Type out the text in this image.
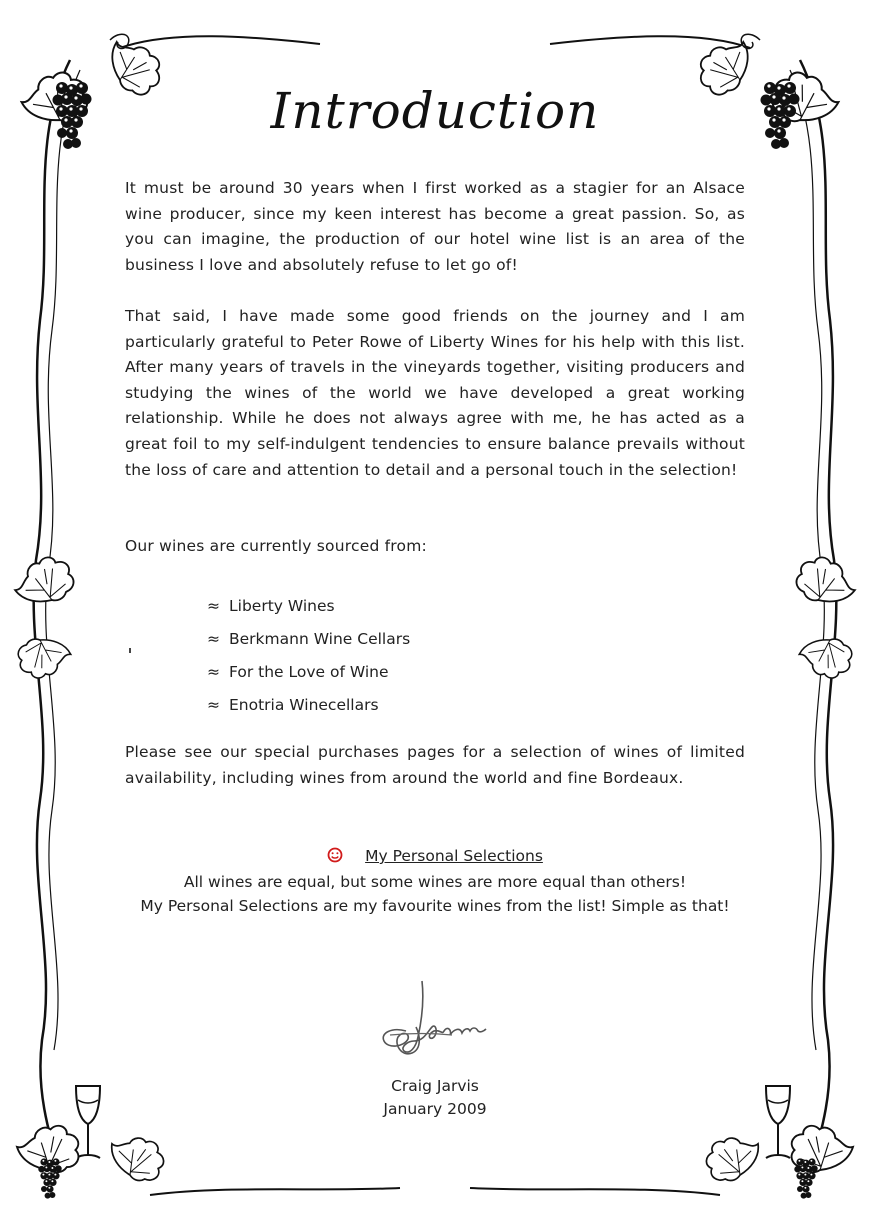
Introduction

It must be around 30 years when I first worked as a stagier for an Alsace wine producer, since my keen interest has become a great passion. So, as you can imagine, the production of our hotel wine list is an area of the business I love and absolutely refuse to let go of!

That said, I have made some good friends on the journey and I am particularly grateful to Peter Rowe of Liberty Wines for his help with this list. After many years of travels in the vineyards together, visiting producers and studying the wines of the world we have developed a great working relationship. While he does not always agree with me, he has acted as a great foil to my self-indulgent tendencies to ensure balance prevails without the loss of care and attention to detail and a personal touch in the selection!

Our wines are currently sourced from:

≈ Liberty Wines
≈ Berkmann Wine Cellars
≈ For the Love of Wine
≈ Enotria Winecellars

Please see our special purchases pages for a selection of wines of limited availability, including wines from around the world and fine Bordeaux.

My Personal Selections
All wines are equal, but some wines are more equal than others!
My Personal Selections are my favourite wines from the list! Simple as that!
Craig Jarvis
January 2009
